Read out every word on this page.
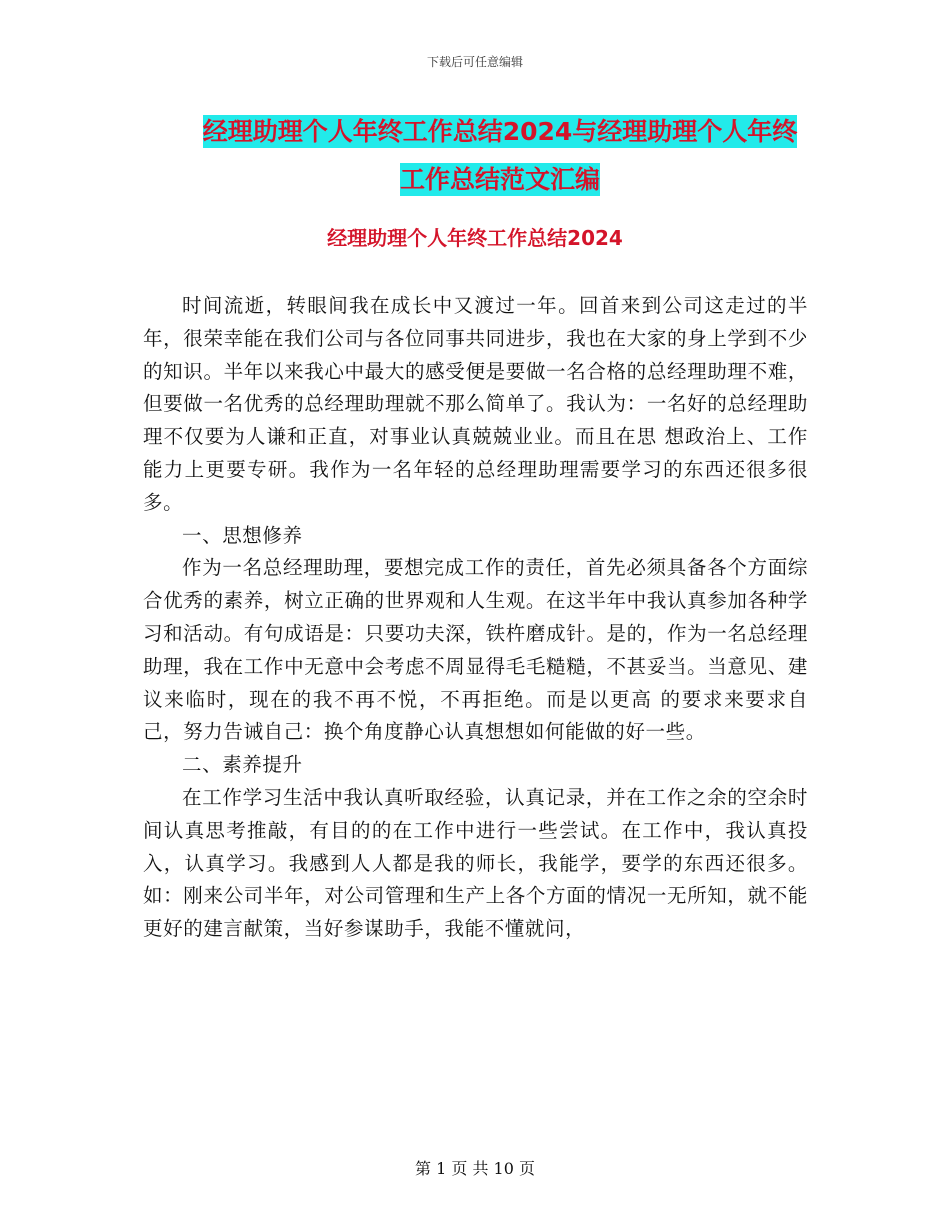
下载后可任意编辑
经理助理个人年终工作总结2024与经理助理个人年终
工作总结范文汇编
经理助理个人年终工作总结2024

时间流逝，转眼间我在成长中又渡过一年。回首来到公司这走过的半年，很荣幸能在我们公司与各位同事共同进步，我也在大家的身上学到不少的知识。半年以来我心中最大的感受便是要做一名合格的总经理助理不难，但要做一名优秀的总经理助理就不那么简单了。我认为：一名好的总经理助理不仅要为人谦和正直，对事业认真兢兢业业。而且在思 想政治上、工作能力上更要专研。我作为一名年轻的总经理助理需要学习的东西还很多很多。

一、思想修养

作为一名总经理助理，要想完成工作的责任，首先必须具备各个方面综合优秀的素养，树立正确的世界观和人生观。在这半年中我认真参加各种学习和活动。有句成语是：只要功夫深，铁杵磨成针。是的，作为一名总经理助理，我在工作中无意中会考虑不周显得毛毛糙糙，不甚妥当。当意见、建议来临时，现在的我不再不悦，不再拒绝。而是以更高 的要求来要求自己，努力告诫自己：换个角度静心认真想想如何能做的好一些。

二、素养提升

在工作学习生活中我认真听取经验，认真记录，并在工作之余的空余时间认真思考推敲，有目的的在工作中进行一些尝试。在工作中，我认真投入，认真学习。我感到人人都是我的师长，我能学，要学的东西还很多。如：刚来公司半年，对公司管理和生产上各个方面的情况一无所知，就不能更好的建言献策，当好参谋助手，我能不懂就问，

第 1 页 共 10 页
